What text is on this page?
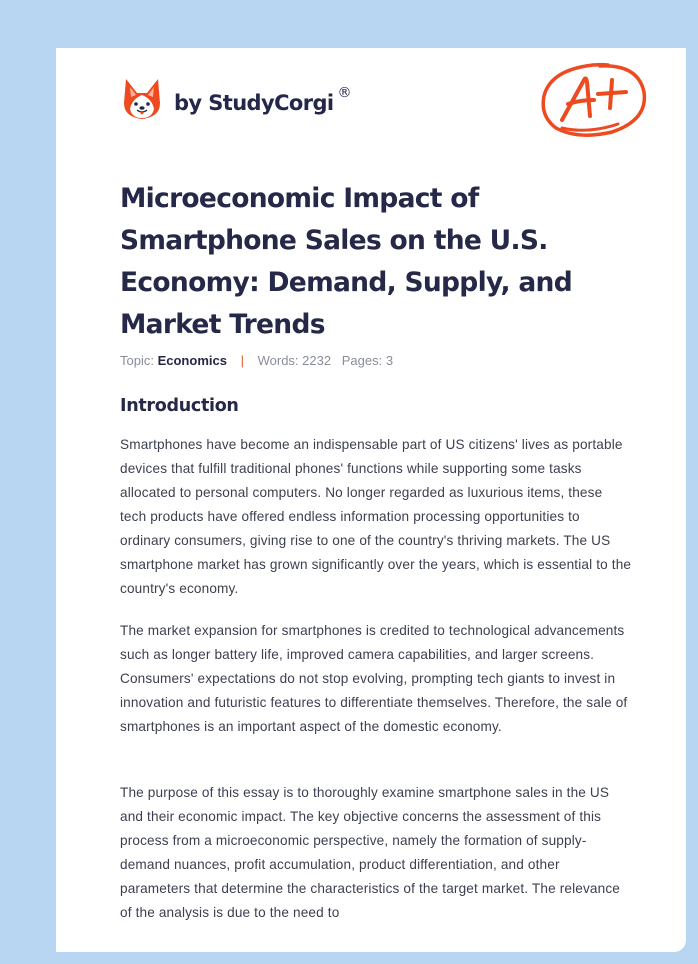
by StudyCorgi ®
Microeconomic Impact of Smartphone Sales on the U.S. Economy: Demand, Supply, and Market Trends
Topic: Economics | Words: 2232 Pages: 3
Introduction

Smartphones have become an indispensable part of US citizens' lives as portable devices that fulfill traditional phones' functions while supporting some tasks allocated to personal computers. No longer regarded as luxurious items, these tech products have offered endless information processing opportunities to ordinary consumers, giving rise to one of the country's thriving markets. The US smartphone market has grown significantly over the years, which is essential to the country's economy.

The market expansion for smartphones is credited to technological advancements such as longer battery life, improved camera capabilities, and larger screens. Consumers' expectations do not stop evolving, prompting tech giants to invest in innovation and futuristic features to differentiate themselves. Therefore, the sale of smartphones is an important aspect of the domestic economy.

The purpose of this essay is to thoroughly examine smartphone sales in the US and their economic impact. The key objective concerns the assessment of this process from a microeconomic perspective, namely the formation of supply-demand nuances, profit accumulation, product differentiation, and other parameters that determine the characteristics of the target market. The relevance of the analysis is due to the need to
